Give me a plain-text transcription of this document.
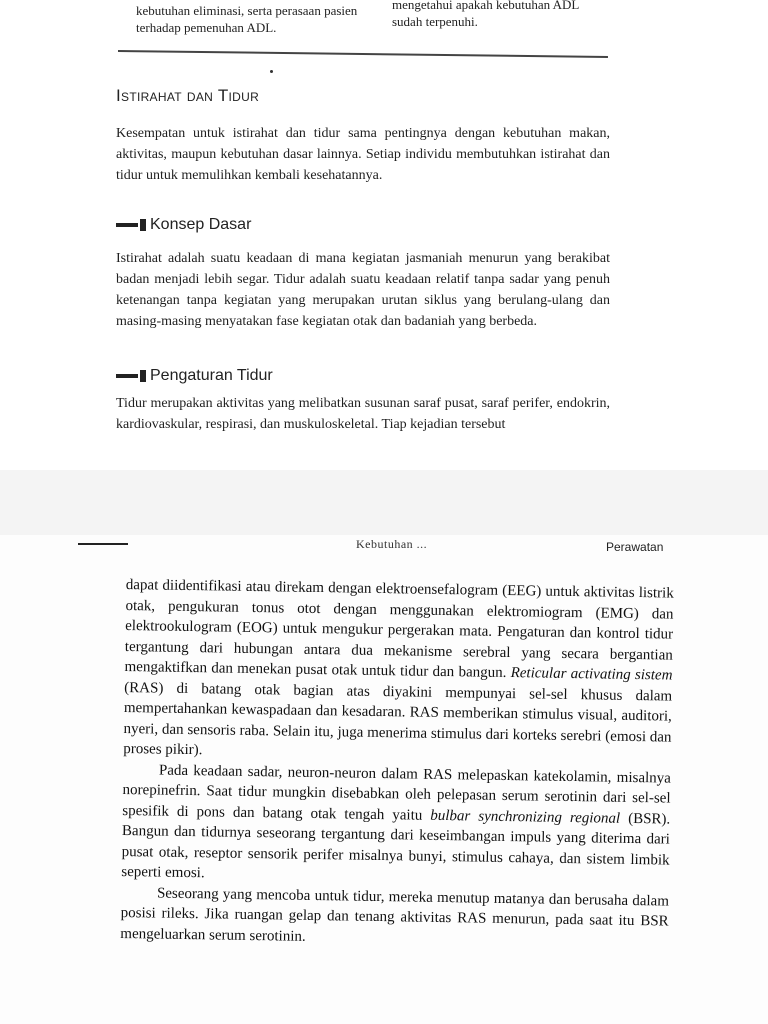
kebutuhan eliminasi, serta perasaan pasien terhadap pemenuhan ADL.
mengetahui apakah kebutuhan ADL sudah terpenuhi.
Istirahat dan Tidur
Kesempatan untuk istirahat dan tidur sama pentingnya dengan kebutuhan makan, aktivitas, maupun kebutuhan dasar lainnya. Setiap individu membutuhkan istirahat dan tidur untuk memulihkan kembali kesehatannya.
Konsep Dasar
Istirahat adalah suatu keadaan di mana kegiatan jasmaniah menurun yang berakibat badan menjadi lebih segar. Tidur adalah suatu keadaan relatif tanpa sadar yang penuh ketenangan tanpa kegiatan yang merupakan urutan siklus yang berulang-ulang dan masing-masing menyatakan fase kegiatan otak dan badaniah yang berbeda.
Pengaturan Tidur
Tidur merupakan aktivitas yang melibatkan susunan saraf pusat, saraf perifer, endokrin, kardiovaskular, respirasi, dan muskuloskeletal. Tiap kejadian tersebut
Kebutuhan ...	Perawatan

dapat diidentifikasi atau direkam dengan elektroensefalogram (EEG) untuk aktivitas listrik otak, pengukuran tonus otot dengan menggunakan elektromiogram (EMG) dan elektrookulogram (EOG) untuk mengukur pergerakan mata. Pengaturan dan kontrol tidur tergantung dari hubungan antara dua mekanisme serebral yang secara bergantian mengaktifkan dan menekan pusat otak untuk tidur dan bangun. Reticular activating sistem (RAS) di batang otak bagian atas diyakini mempunyai sel-sel khusus dalam mempertahankan kewaspadaan dan kesadaran. RAS memberikan stimulus visual, auditori, nyeri, dan sensoris raba. Selain itu, juga menerima stimulus dari korteks serebri (emosi dan proses pikir).

Pada keadaan sadar, neuron-neuron dalam RAS melepaskan katekolamin, misalnya norepinefrin. Saat tidur mungkin disebabkan oleh pelepasan serum serotinin dari sel-sel spesifik di pons dan batang otak tengah yaitu bulbar synchronizing regional (BSR). Bangun dan tidurnya seseorang tergantung dari keseimbangan impuls yang diterima dari pusat otak, reseptor sensorik perifer misalnya bunyi, stimulus cahaya, dan sistem limbik seperti emosi.

Seseorang yang mencoba untuk tidur, mereka menutup matanya dan berusaha dalam posisi rileks. Jika ruangan gelap dan tenang aktivitas RAS menurun, pada saat itu BSR mengeluarkan serum serotinin.
